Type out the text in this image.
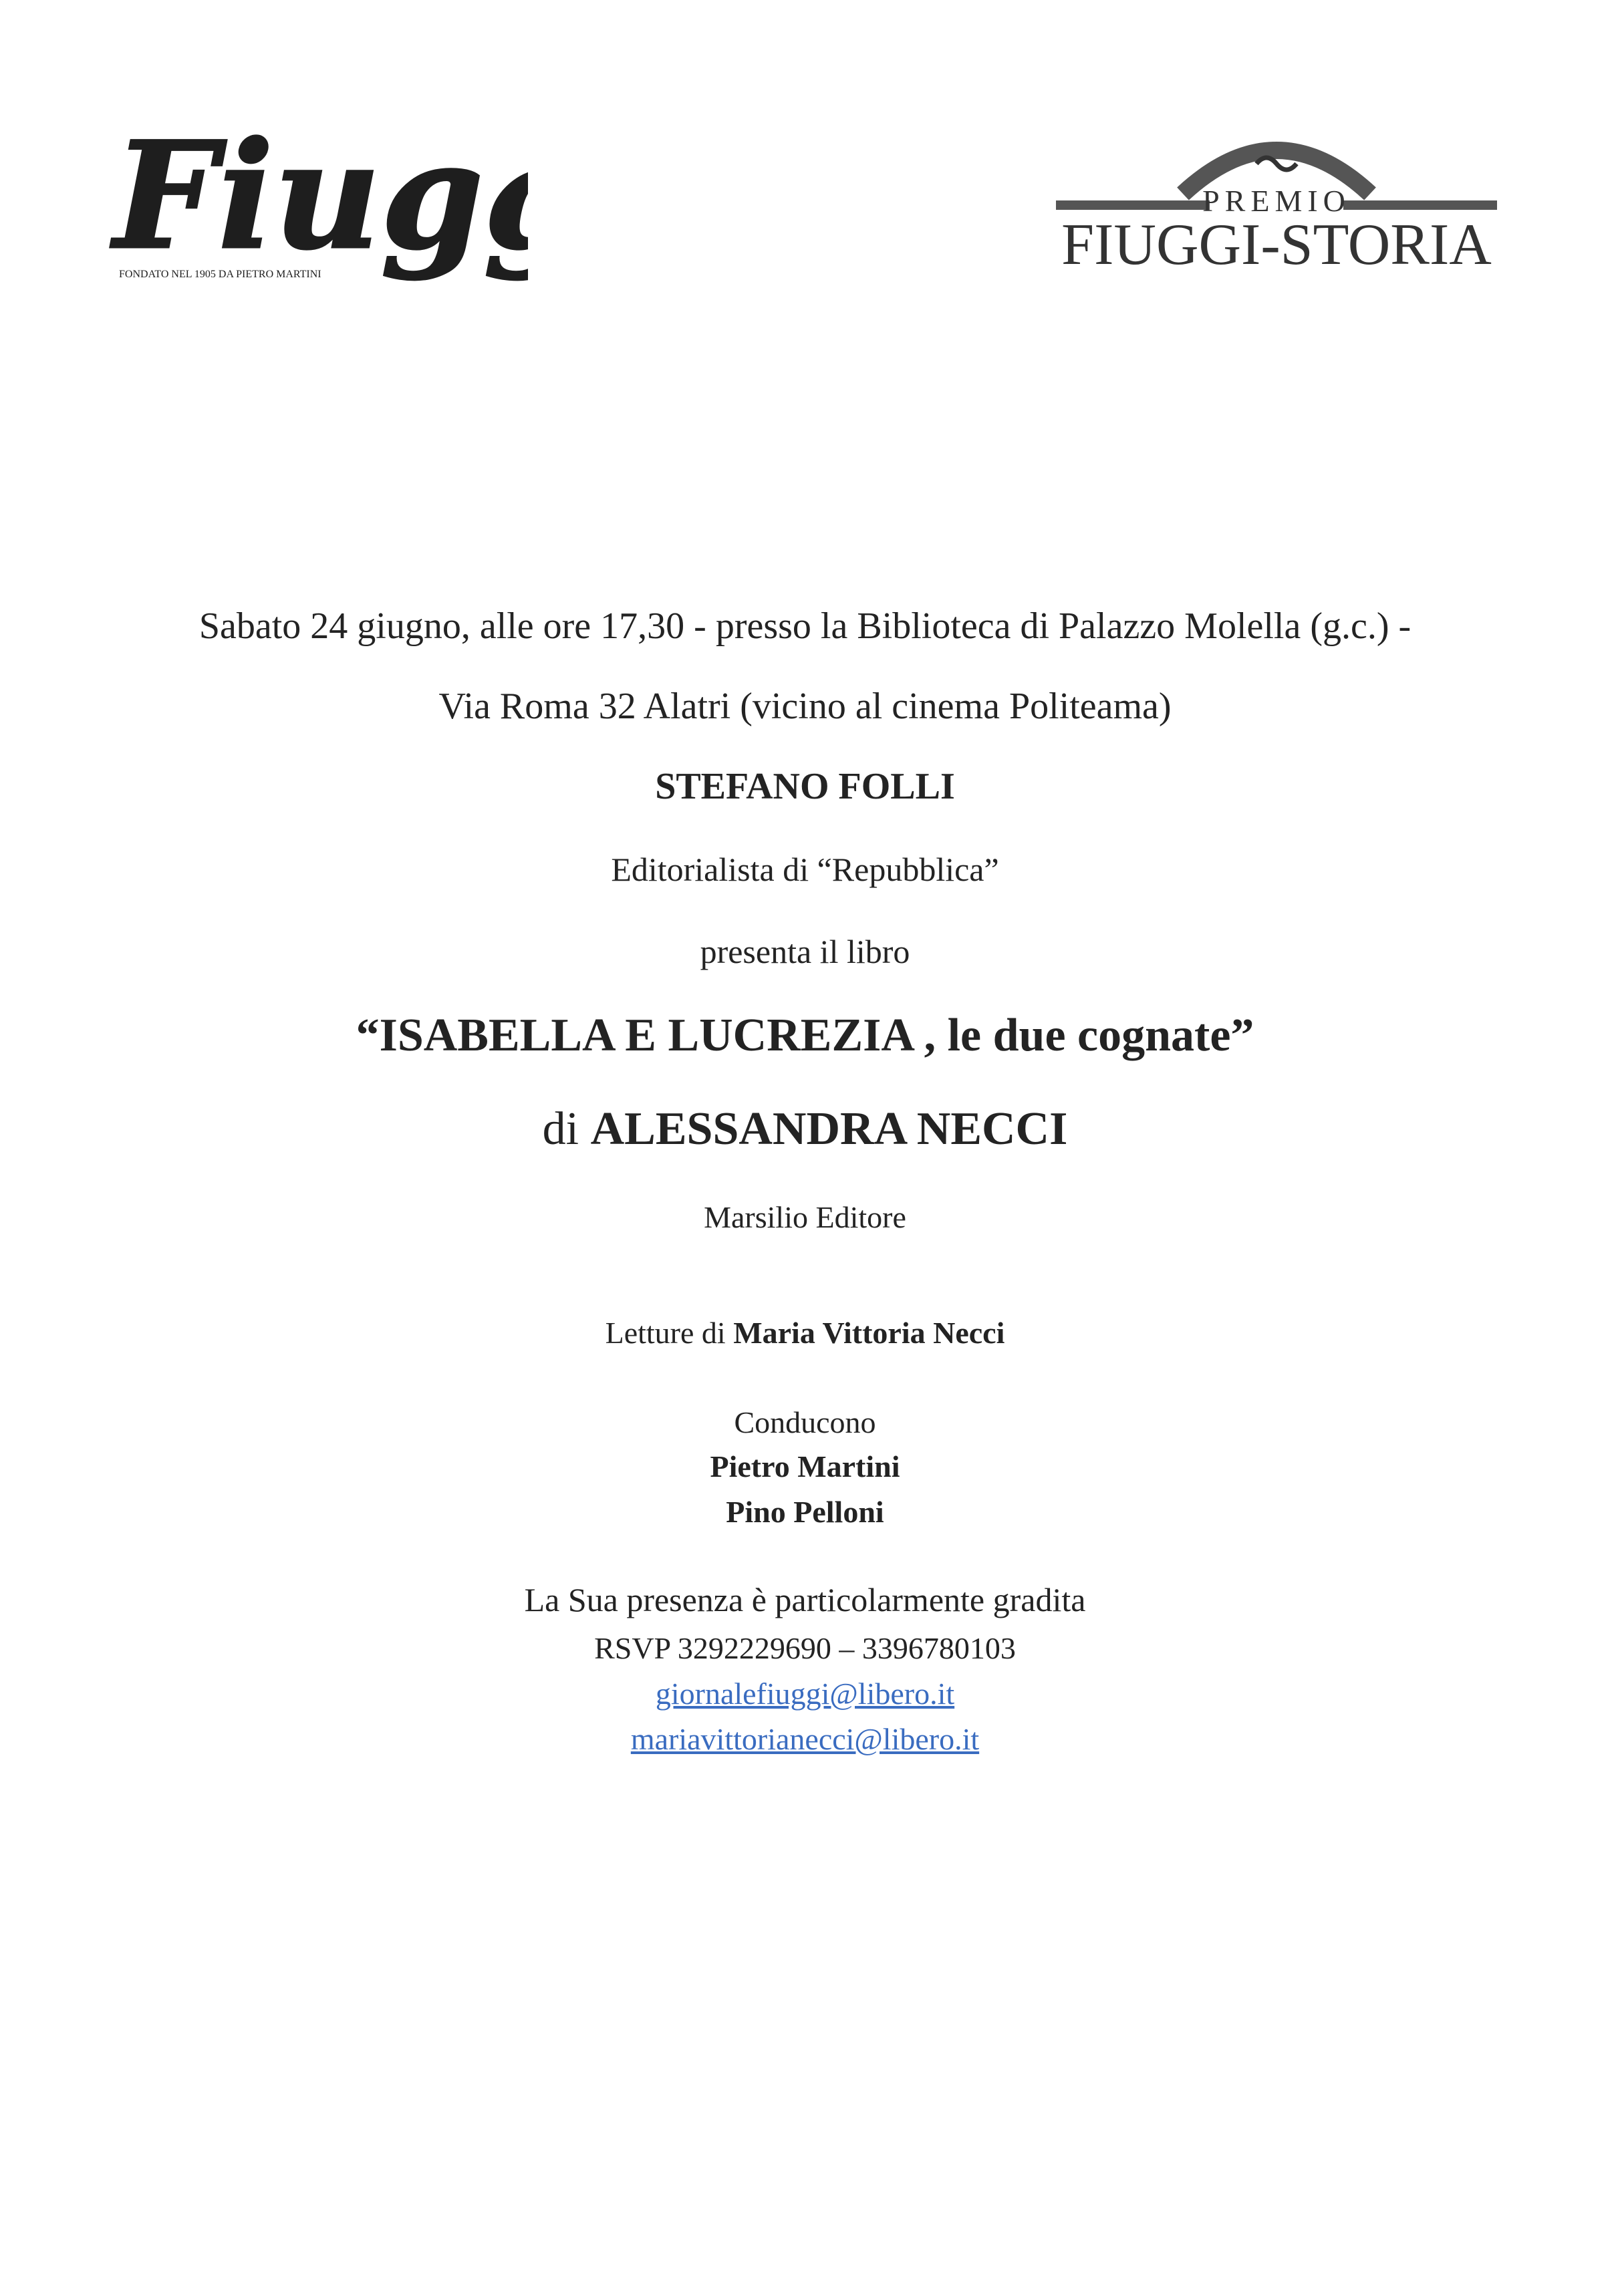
Fiug
FONDATO NEL 1905 DA PIETRO MARTINI
PREMIO
FIUGGI-STORIA
Sabato 24 giugno, alle ore 17,30 - presso la Biblioteca di Palazzo Molella (g.c.) -
Via Roma 32 Alatri (vicino al cinema Politeama)
STEFANO FOLLI
Editorialista di “Repubblica”
presenta il libro
“ISABELLA E LUCREZIA , le due cognate”
di ALESSANDRA NECCI
Marsilio Editore
Letture di Maria Vittoria Necci
Conducono
Pietro Martini
Pino Pelloni
La Sua presenza è particolarmente gradita
RSVP 3292229690 – 3396780103
giornalefiuggi@libero.it
mariavittorianecci@libero.it
